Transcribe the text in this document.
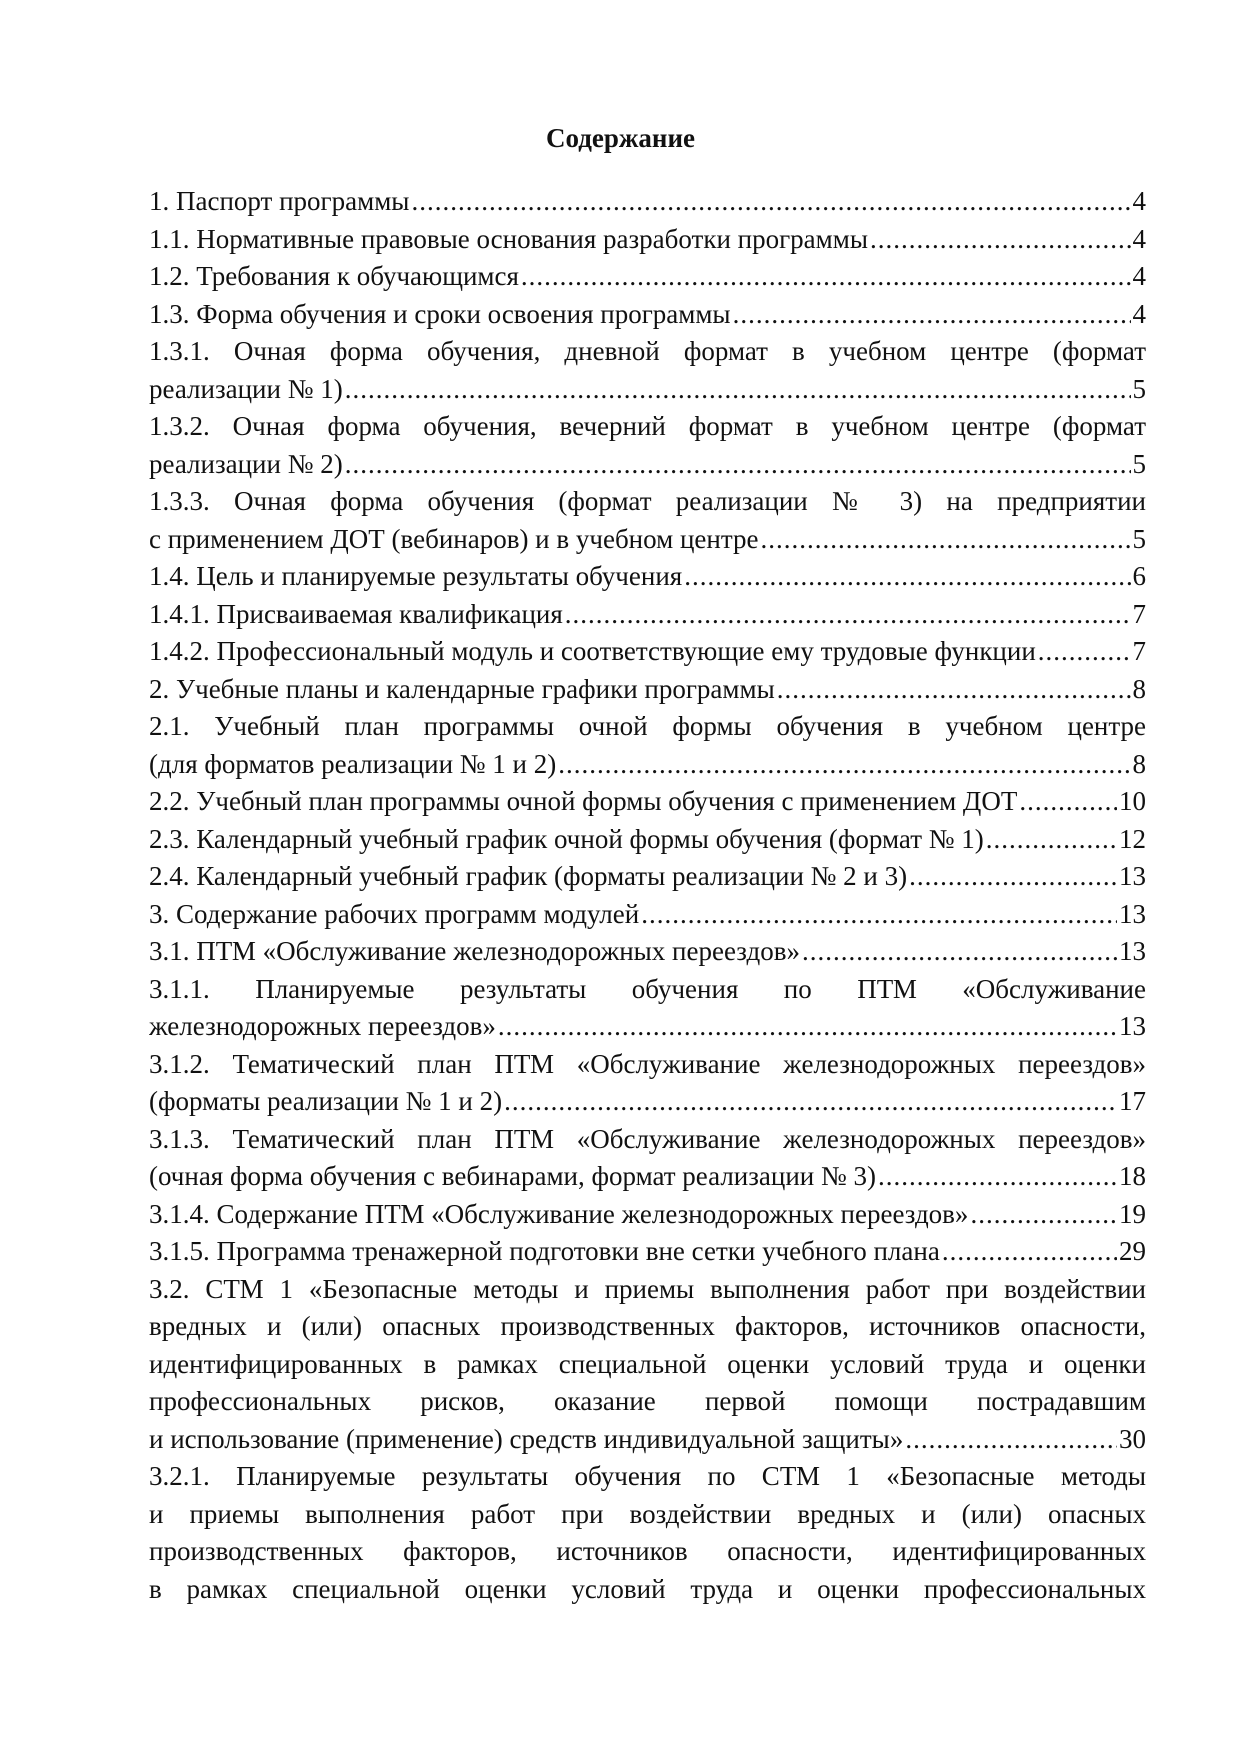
Содержание
1. Паспорт программы .....	4
1.1. Нормативные правовые основания разработки программы .....	4
1.2. Требования к обучающимся .....	4
1.3. Форма обучения и сроки освоения программы .....	4
1.3.1. Очная форма обучения, дневной формат в учебном центре (формат
реализации № 1) .....	5
1.3.2. Очная форма обучения, вечерний формат в учебном центре (формат
реализации № 2) .....	5
1.3.3. Очная форма обучения (формат реализации № 3) на предприятии
с применением ДОТ (вебинаров) и в учебном центре .....	5
1.4. Цель и планируемые результаты обучения .....	6
1.4.1. Присваиваемая квалификация .....	7
1.4.2. Профессиональный модуль и соответствующие ему трудовые функции .....	7
2. Учебные планы и календарные графики программы .....	8
2.1. Учебный план программы очной формы обучения в учебном центре
(для форматов реализации № 1 и 2) .....	8
2.2. Учебный план программы очной формы обучения с применением ДОТ .....	10
2.3. Календарный учебный график очной формы обучения (формат № 1) .....	12
2.4. Календарный учебный график (форматы реализации № 2 и 3) .....	13
3. Содержание рабочих программ модулей .....	13
3.1. ПТМ «Обслуживание железнодорожных переездов» .....	13
3.1.1. Планируемые результаты обучения по ПТМ «Обслуживание
железнодорожных переездов» .....	13
3.1.2. Тематический план ПТМ «Обслуживание железнодорожных переездов»
(форматы реализации № 1 и 2) .....	17
3.1.3. Тематический план ПТМ «Обслуживание железнодорожных переездов»
(очная форма обучения с вебинарами, формат реализации № 3) .....	18
3.1.4. Содержание ПТМ «Обслуживание железнодорожных переездов» .....	19
3.1.5. Программа тренажерной подготовки вне сетки учебного плана .....	29
3.2. СТМ 1 «Безопасные методы и приемы выполнения работ при воздействии
вредных и (или) опасных производственных факторов, источников опасности,
идентифицированных в рамках специальной оценки условий труда и оценки
профессиональных рисков, оказание первой помощи пострадавшим
и использование (применение) средств индивидуальной защиты» .....	30
3.2.1. Планируемые результаты обучения по СТМ 1 «Безопасные методы
и приемы выполнения работ при воздействии вредных и (или) опасных
производственных факторов, источников опасности, идентифицированных
в рамках специальной оценки условий труда и оценки профессиональных
